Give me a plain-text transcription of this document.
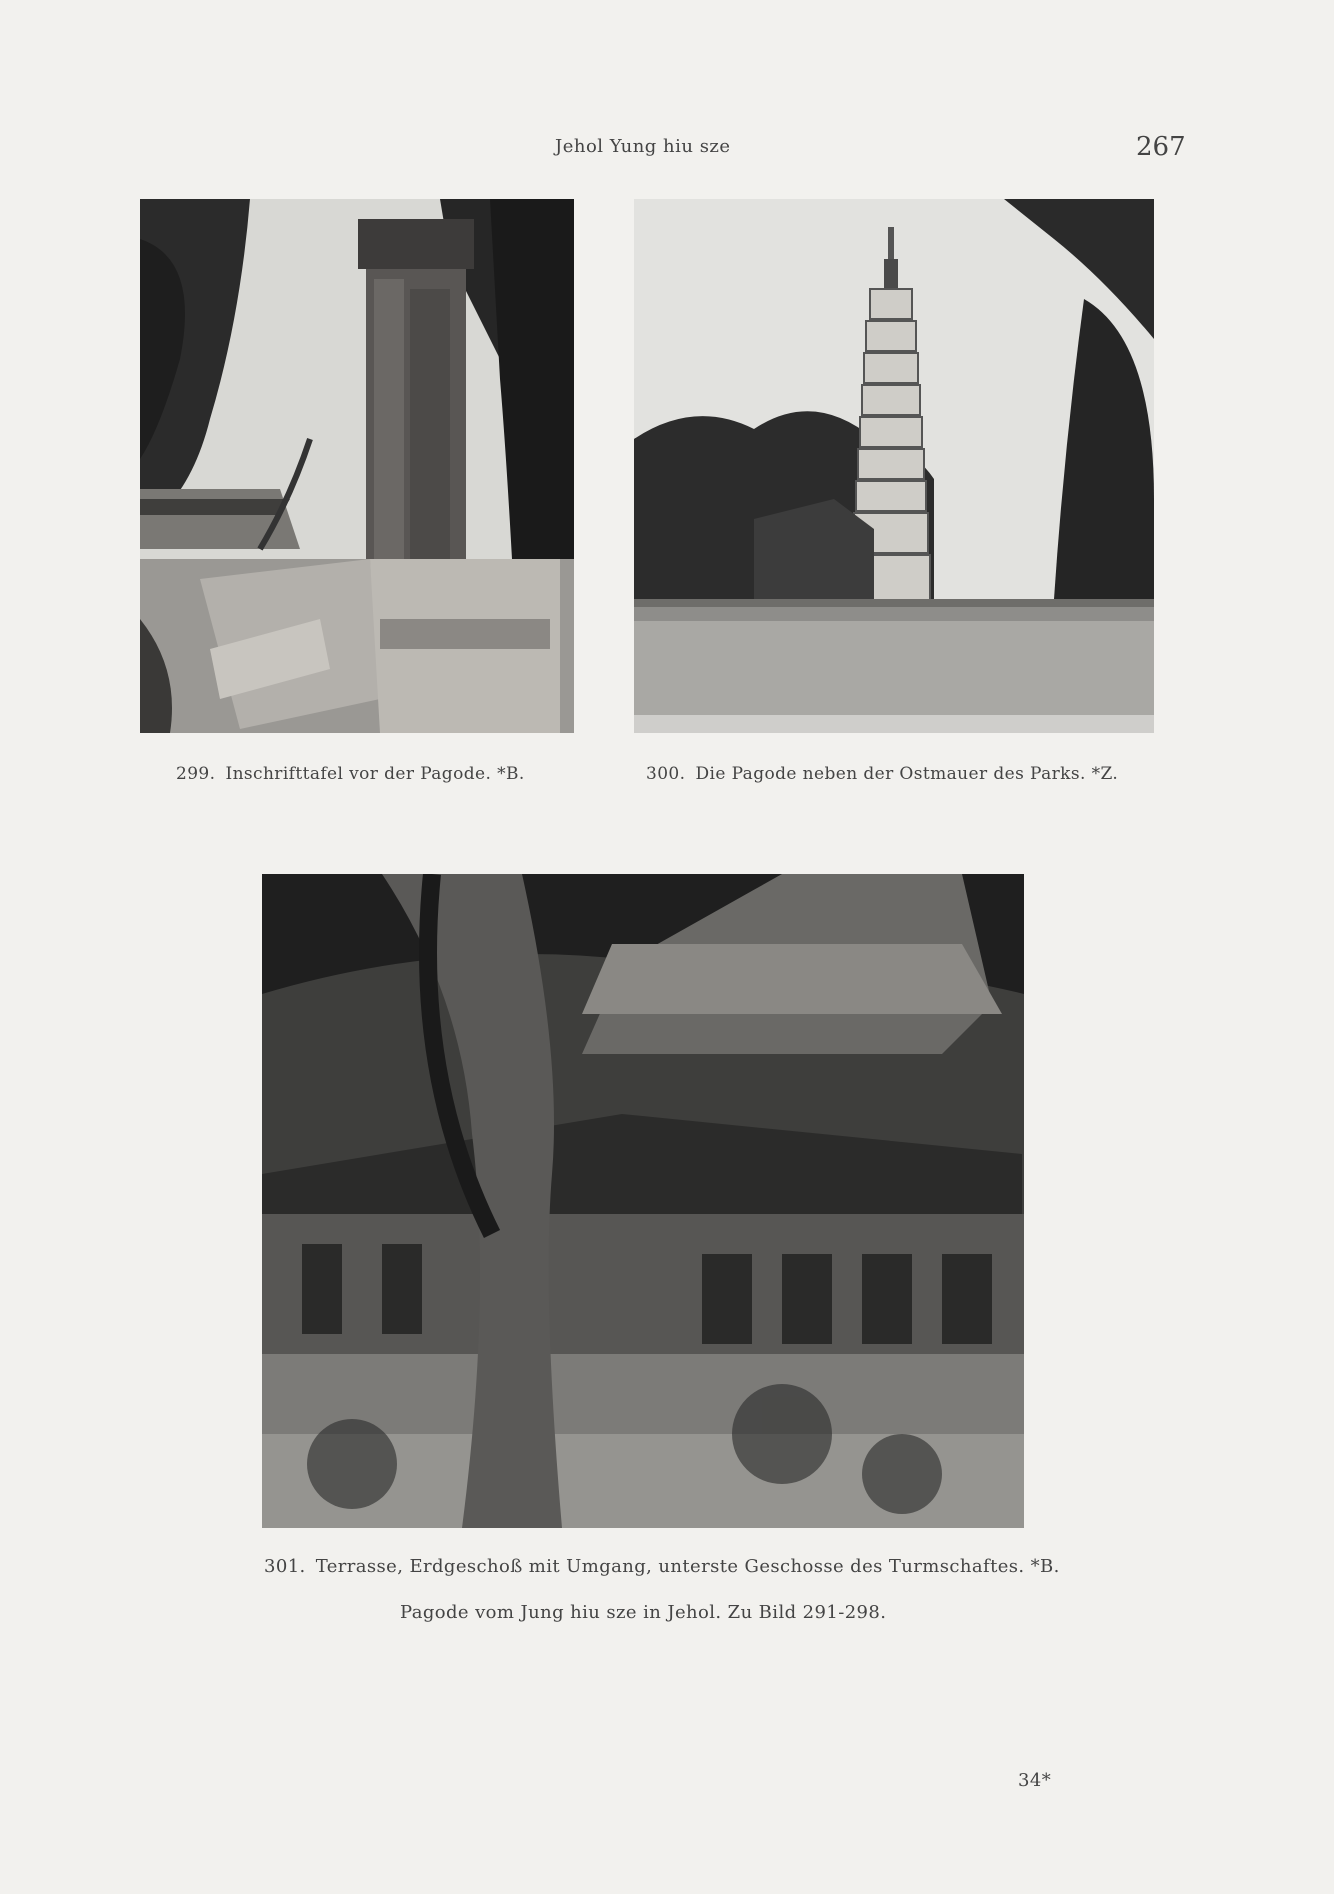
Jehol Yung hiu sze	267
299. Inschrifttafel vor der Pagode. *B.	300. Die Pagode neben der Ostmauer des Parks. *Z.
301. Terrasse, Erdgeschoß mit Umgang, unterste Geschosse des Turmschaftes. *B.
Pagode vom Jung hiu sze in Jehol. Zu Bild 291-298.
34*
